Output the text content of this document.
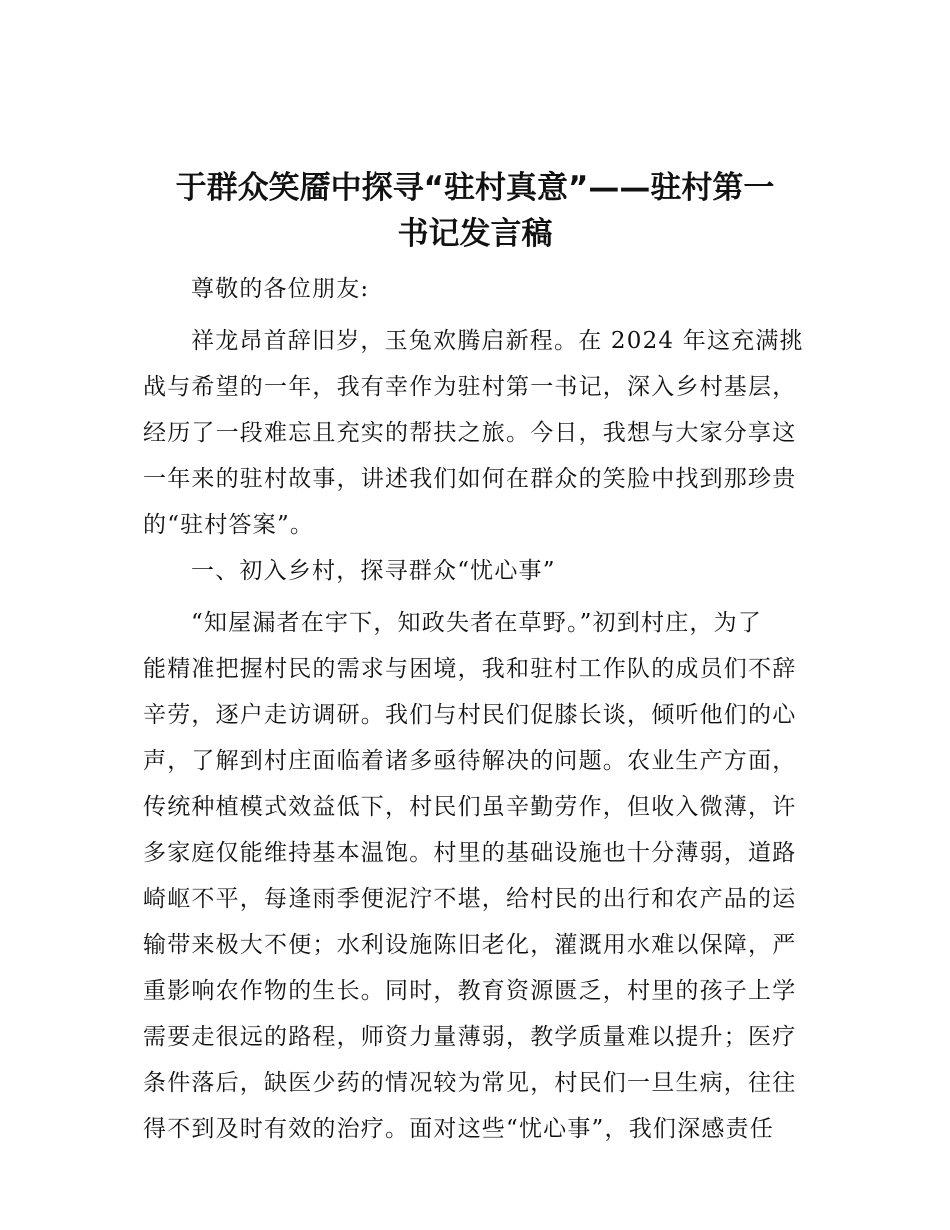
于群众笑靥中探寻“驻村真意”——驻村第一
书记发言稿

尊敬的各位朋友:

祥龙昂首辞旧岁，玉兔欢腾启新程。在 2024 年这充满挑

战与希望的一年，我有幸作为驻村第一书记，深入乡村基层，

经历了一段难忘且充实的帮扶之旅。今日，我想与大家分享这

一年来的驻村故事，讲述我们如何在群众的笑脸中找到那珍贵

的“驻村答案”。

一、初入乡村，探寻群众“忧心事”

“知屋漏者在宇下，知政失者在草野。”初到村庄，为了

能精准把握村民的需求与困境，我和驻村工作队的成员们不辞

辛劳，逐户走访调研。我们与村民们促膝长谈，倾听他们的心

声，了解到村庄面临着诸多亟待解决的问题。农业生产方面，

传统种植模式效益低下，村民们虽辛勤劳作，但收入微薄，许

多家庭仅能维持基本温饱。村里的基础设施也十分薄弱，道路

崎岖不平，每逢雨季便泥泞不堪，给村民的出行和农产品的运

输带来极大不便；水利设施陈旧老化，灌溉用水难以保障，严

重影响农作物的生长。同时，教育资源匮乏，村里的孩子上学

需要走很远的路程，师资力量薄弱，教学质量难以提升；医疗

条件落后，缺医少药的情况较为常见，村民们一旦生病，往往

得不到及时有效的治疗。面对这些“忧心事”，我们深感责任
